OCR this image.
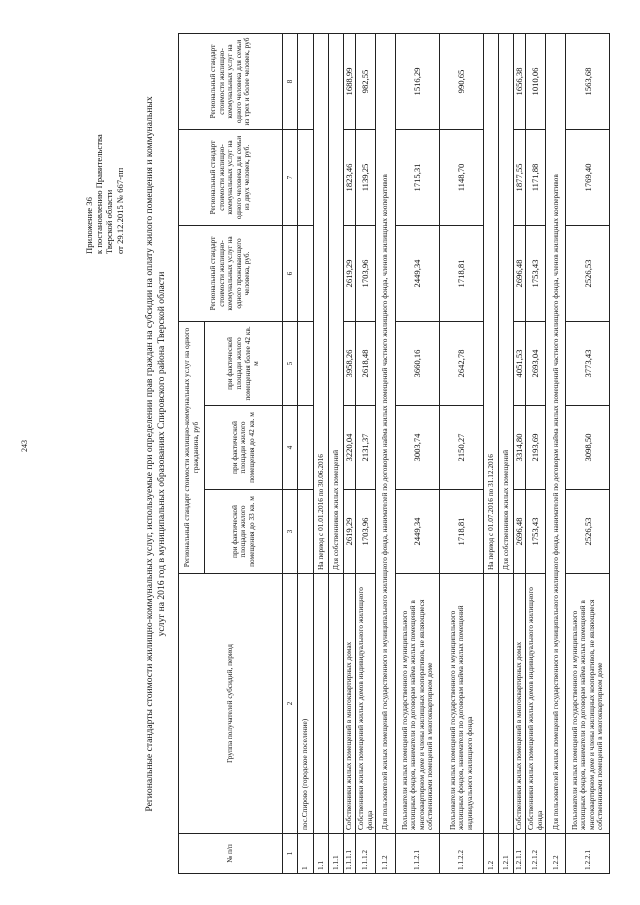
243
Приложение 36 к постановлению Правительства Тверской области от 29.12.2015 № 667-пп Региональные стандарты стоимости жилищно-коммунальных услуг, используемые при определении прав граждан на субсидии на оплату жилого помещения и коммунальных услуг на 2016 год в муниципальных образованиях Спировского района Тверской области
№ п/п	Группа получателей субсидий, период	Региональный стандарт стоимости жилищно-коммунальных услуг на одного гражданина, руб			Региональный стандарт стоимости жилищно-коммунальных услуг на одного проживающего человека, руб.	Региональный стандарт стоимости жилищно-коммунальных услуг на одного человека для семьи из двух человек, руб.	Региональный стандарт стоимости жилищно-коммунальных услуг на одного человека для семьи из трех и более человек, руб
		при фактической площади жилого помещения до 33 кв. м	при фактической площади жилого помещения до 42 кв. м	при фактической площади жилого помещения более 42 кв. м			
1	2	3	4	5	6	7	8
1	пос.Спирово (городское поселение)						
1.1		На период с 01.01.2016 по 30.06.2016					
1.1.1		Для собственников жилых помещений					
1.1.1.1	Собственники жилых помещений в многоквартирных домах	2619,29	3220,04	3958,26	2619,29	1823,46	1688,99
1.1.1.2	Собственники жилых помещений жилых домов индивидуального жилищного фонда	1703,96	2131,37	2618,48	1703,96	1139,25	982,55
1.1.2	Для пользователей жилых помещений государственного и муниципального жилищного фонда, нанимателей по договорам найма жилых помещений частного жилищного фонда, членов жилищных кооперативов						
1.1.2.1	Пользователи жилых помещений государственного и муниципального жилищных фондов, наниматели по договорам найма жилых помещений в многоквартирном доме и члены жилищных кооперативов, не являющиеся собственниками помещений в многоквартирном доме	2449,34	3003,74	3660,16	2449,34	1715,31	1516,29
1.1.2.2	Пользователи жилых помещений государственного и муниципального жилищных фондов, наниматели по договорам найма жилых помещений индивидуального жилищного фонда	1718,81	2150,27	2642,78	1718,81	1148,70	990,65
1.2		На период с 01.07.2016 по 31.12.2016					
1.2.1		Для собственников жилых помещений					
1.2.1.1	Собственники жилых помещений в многоквартирных домах	2696,48	3314,80	4051,53	2696,48	1877,55	1656,38
1.2.1.2	Собственники жилых помещений жилых домов индивидуального жилищного фонда	1753,43	2193,69	2693,04	1753,43	1171,88	1010,06
1.2.2	Для пользователей жилых помещений государственного и муниципального жилищного фонда, нанимателей по договорам найма жилых помещений частного жилищного фонда, членов жилищных кооперативов						
1.2.2.1	Пользователи жилых помещений государственного и муниципального жилищных фондов, наниматели по договорам найма жилых помещений в многоквартирном доме и члены жилищных кооперативов, не являющиеся собственниками помещений в многоквартирном доме	2526,53	3098,50	3773,43	2526,53	1769,40	1563,68
